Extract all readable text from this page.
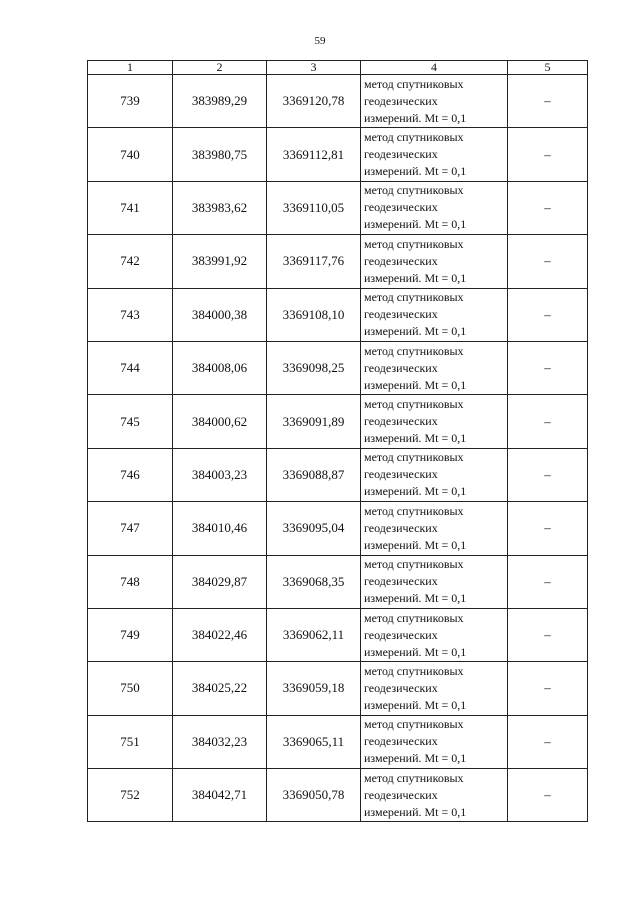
59
1	2	3	4	5
739	383989,29	3369120,78	метод спутниковых
геодезических
измерений. Mt = 0,1	–
740	383980,75	3369112,81	метод спутниковых
геодезических
измерений. Mt = 0,1	–
741	383983,62	3369110,05	метод спутниковых
геодезических
измерений. Mt = 0,1	–
742	383991,92	3369117,76	метод спутниковых
геодезических
измерений. Mt = 0,1	–
743	384000,38	3369108,10	метод спутниковых
геодезических
измерений. Mt = 0,1	–
744	384008,06	3369098,25	метод спутниковых
геодезических
измерений. Mt = 0,1	–
745	384000,62	3369091,89	метод спутниковых
геодезических
измерений. Mt = 0,1	–
746	384003,23	3369088,87	метод спутниковых
геодезических
измерений. Mt = 0,1	–
747	384010,46	3369095,04	метод спутниковых
геодезических
измерений. Mt = 0,1	–
748	384029,87	3369068,35	метод спутниковых
геодезических
измерений. Mt = 0,1	–
749	384022,46	3369062,11	метод спутниковых
геодезических
измерений. Mt = 0,1	–
750	384025,22	3369059,18	метод спутниковых
геодезических
измерений. Mt = 0,1	–
751	384032,23	3369065,11	метод спутниковых
геодезических
измерений. Mt = 0,1	–
752	384042,71	3369050,78	метод спутниковых
геодезических
измерений. Mt = 0,1	–
